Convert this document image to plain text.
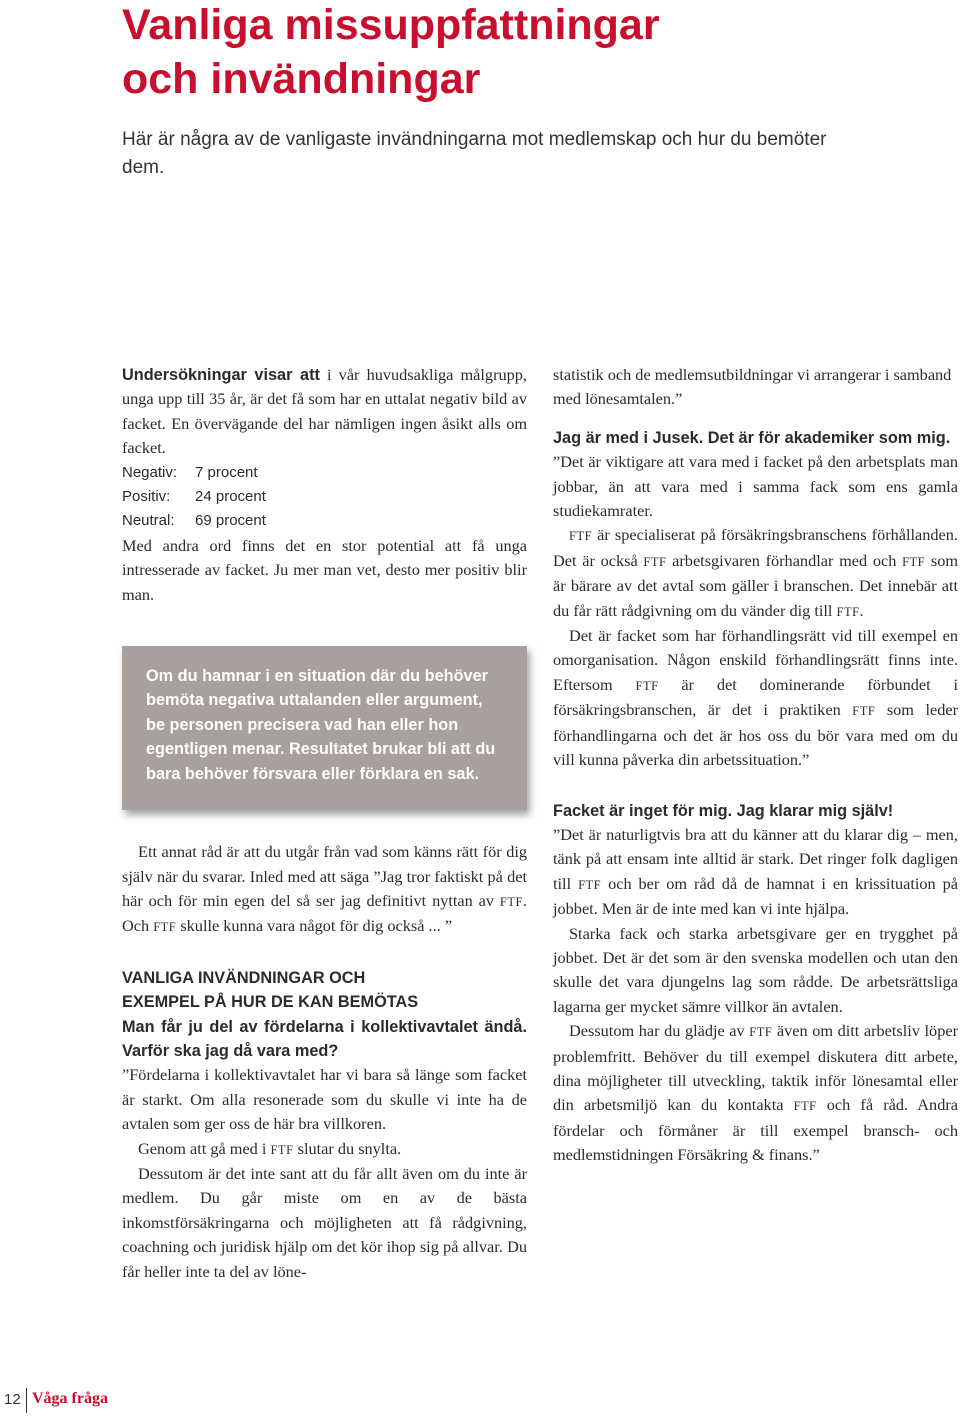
Vanliga missuppfattningar
och invändningar

Här är några av de vanligaste invändningarna mot medlemskap och hur du bemöter dem.

Undersökningar visar att i vår huvudsakliga målgrupp, unga upp till 35 år, är det få som har en uttalat negativ bild av facket. En övervägande del har nämligen ingen åsikt alls om facket.

Negativ:	7 procent
Positiv:	24 procent
Neutral:	69 procent

Med andra ord finns det en stor potential att få unga intresserade av facket. Ju mer man vet, desto mer positiv blir man.

Om du hamnar i en situation där du behöver bemöta negativa uttalanden eller argument, be personen precisera vad han eller hon egentligen menar. Resultatet brukar bli att du bara behöver försvara eller förklara en sak.

Ett annat råd är att du utgår från vad som känns rätt för dig själv när du svarar. Inled med att säga ”Jag tror faktiskt på det här och för min egen del så ser jag definitivt nyttan av FTF. Och FTF skulle kunna vara något för dig också ... ”

VANLIGA INVÄNDNINGAR OCH
EXEMPEL PÅ HUR DE KAN BEMÖTAS

Man får ju del av fördelarna i kollektivavtalet ändå. Varför ska jag då vara med?

”Fördelarna i kollektivavtalet har vi bara så länge som facket är starkt. Om alla resonerade som du skulle vi inte ha de avtalen som ger oss de här bra villkoren.

Genom att gå med i FTF slutar du snylta.

Dessutom är det inte sant att du får allt även om du inte är medlem. Du går miste om en av de bästa inkomstförsäkringarna och möjligheten att få rådgivning, coachning och juridisk hjälp om det kör ihop sig på allvar. Du får heller inte ta del av löne-

statistik och de medlemsutbildningar vi arrangerar i samband med lönesamtalen.”

Jag är med i Jusek. Det är för akademiker som mig.

”Det är viktigare att vara med i facket på den arbetsplats man jobbar, än att vara med i samma fack som ens gamla studiekamrater.

FTF är specialiserat på försäkringsbranschens förhållanden. Det är också FTF arbetsgivaren förhandlar med och FTF som är bärare av det avtal som gäller i branschen. Det innebär att du får rätt rådgivning om du vänder dig till FTF.

Det är facket som har förhandlingsrätt vid till exempel en omorganisation. Någon enskild förhandlingsrätt finns inte. Eftersom FTF är det dominerande förbundet i försäkringsbranschen, är det i praktiken FTF som leder förhandlingarna och det är hos oss du bör vara med om du vill kunna påverka din arbetssituation.”

Facket är inget för mig. Jag klarar mig själv!

”Det är naturligtvis bra att du känner att du klarar dig – men, tänk på att ensam inte alltid är stark. Det ringer folk dagligen till FTF och ber om råd då de hamnat i en krissituation på jobbet. Men är de inte med kan vi inte hjälpa.

Starka fack och starka arbetsgivare ger en trygghet på jobbet. Det är det som är den svenska modellen och utan den skulle det vara djungelns lag som rådde. De arbetsrättsliga lagarna ger mycket sämre villkor än avtalen.

Dessutom har du glädje av FTF även om ditt arbetsliv löper problemfritt. Behöver du till exempel diskutera ditt arbete, dina möjligheter till utveckling, taktik inför lönesamtal eller din arbetsmiljö kan du kontakta FTF och få råd. Andra fördelar och förmåner är till exempel bransch- och medlemstidningen Försäkring & finans.”

12 Våga fråga
